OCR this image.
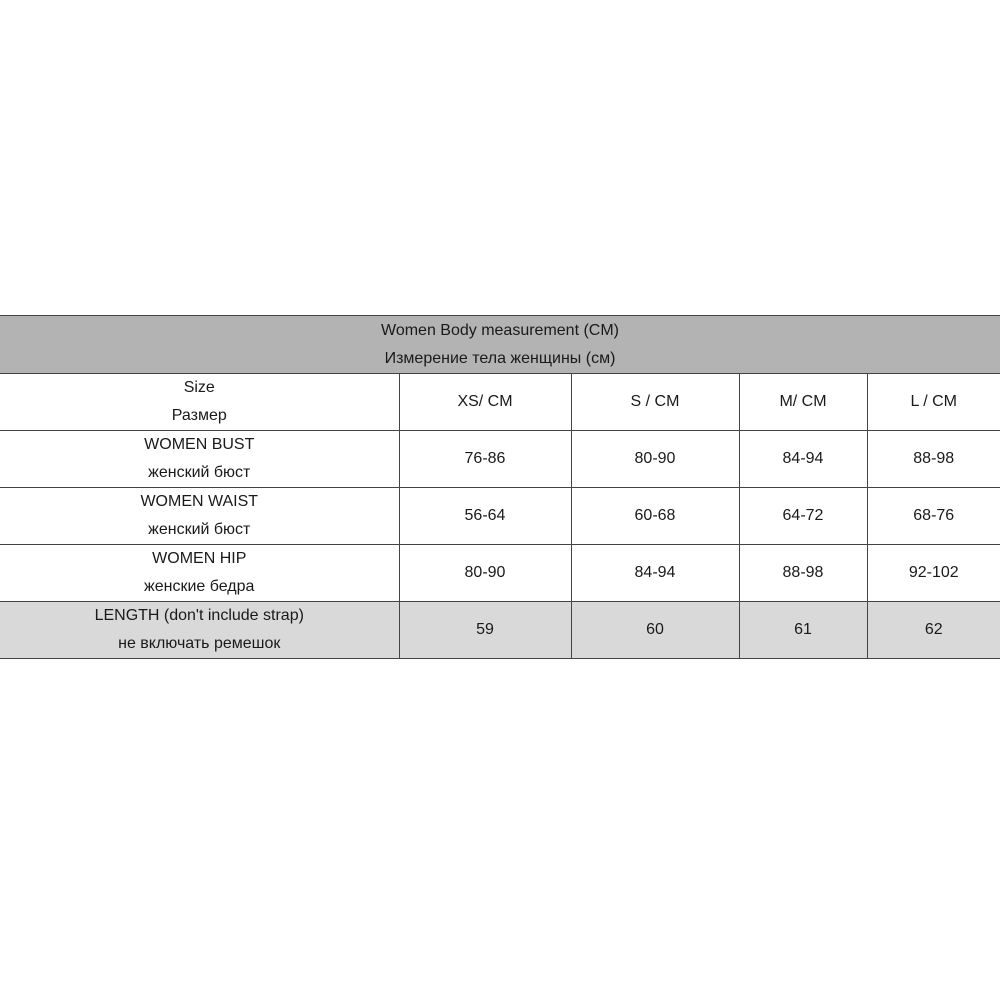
Women Body measurement (CM)
Измерение тела женщины (см)				

Size
Размер	XS/ CM	S / CM	M/ CM	L / CM

WOMEN BUST
женский бюст	76-86	80-90	84-94	88-98

WOMEN WAIST
женский бюст	56-64	60-68	64-72	68-76

WOMEN HIP
женские бедра	80-90	84-94	88-98	92-102

LENGTH (don't include strap)
не включать ремешок	59	60	61	62
